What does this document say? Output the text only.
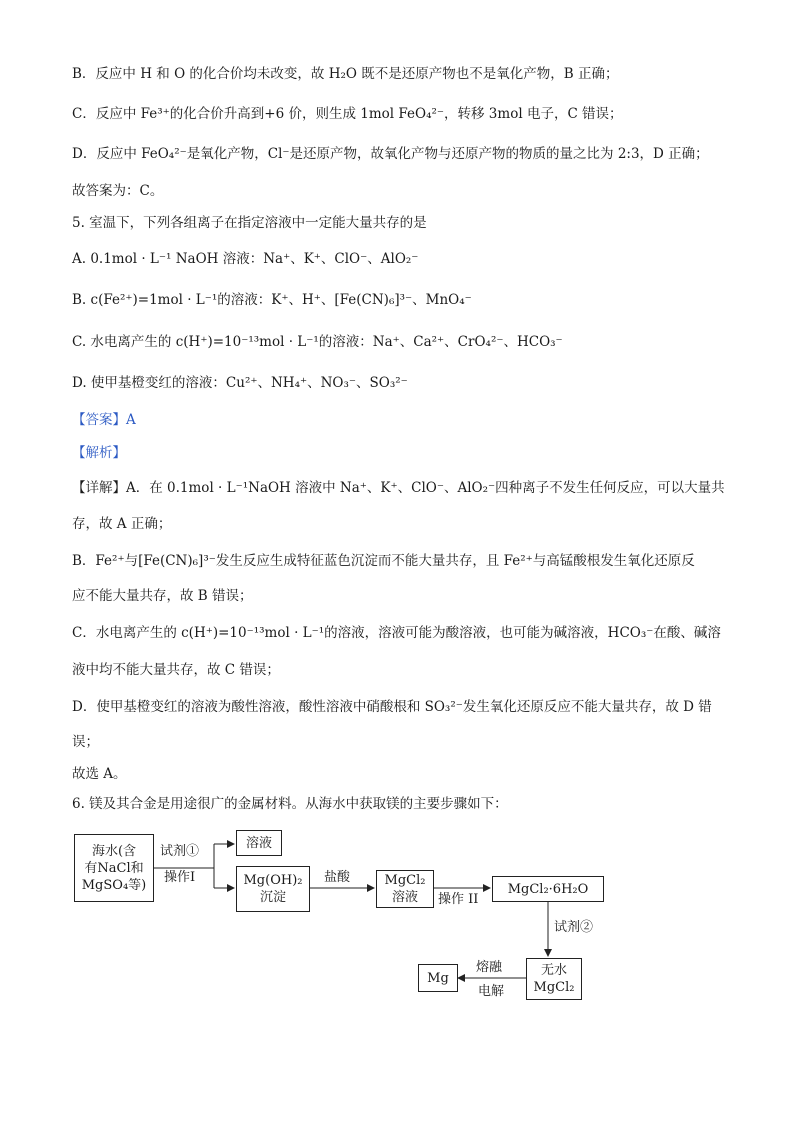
B．反应中 H 和 O 的化合价均未改变，故 H₂O 既不是还原产物也不是氧化产物，B 正确；
C．反应中 Fe³⁺的化合价升高到+6 价，则生成 1mol FeO₄²⁻，转移 3mol 电子，C 错误；
D．反应中 FeO₄²⁻是氧化产物，Cl⁻是还原产物，故氧化产物与还原产物的物质的量之比为 2:3，D 正确；
故答案为：C。
5. 室温下，下列各组离子在指定溶液中一定能大量共存的是
A. 0.1mol · L⁻¹ NaOH 溶液：Na⁺、K⁺、ClO⁻、AlO₂⁻
B. c(Fe²⁺)=1mol · L⁻¹的溶液：K⁺、H⁺、[Fe(CN)₆]³⁻、MnO₄⁻
C. 水电离产生的 c(H⁺)=10⁻¹³mol · L⁻¹的溶液：Na⁺、Ca²⁺、CrO₄²⁻、HCO₃⁻
D. 使甲基橙变红的溶液：Cu²⁺、NH₄⁺、NO₃⁻、SO₃²⁻
【答案】A
【解析】
【详解】A．在 0.1mol · L⁻¹NaOH 溶液中 Na⁺、K⁺、ClO⁻、AlO₂⁻四种离子不发生任何反应，可以大量共
存，故 A 正确；
B．Fe²⁺与[Fe(CN)₆]³⁻发生反应生成特征蓝色沉淀而不能大量共存，且 Fe²⁺与高锰酸根发生氧化还原反
应不能大量共存，故 B 错误；
C．水电离产生的 c(H⁺)=10⁻¹³mol · L⁻¹的溶液，溶液可能为酸溶液，也可能为碱溶液，HCO₃⁻在酸、碱溶
液中均不能大量共存，故 C 错误；
D．使甲基橙变红的溶液为酸性溶液，酸性溶液中硝酸根和 SO₃²⁻发生氧化还原反应不能大量共存，故 D 错
误；
故选 A。
6. 镁及其合金是用途很广的金属材料。从海水中获取镁的主要步骤如下：
海水(含
有NaCl和
MgSO₄等)
试剂①
操作I
溶液
Mg(OH)₂
沉淀
盐酸	MgCl₂
溶液 操作 II
MgCl₂·6H₂O
试剂②
无水
MgCl₂
熔融
电解
Mg
